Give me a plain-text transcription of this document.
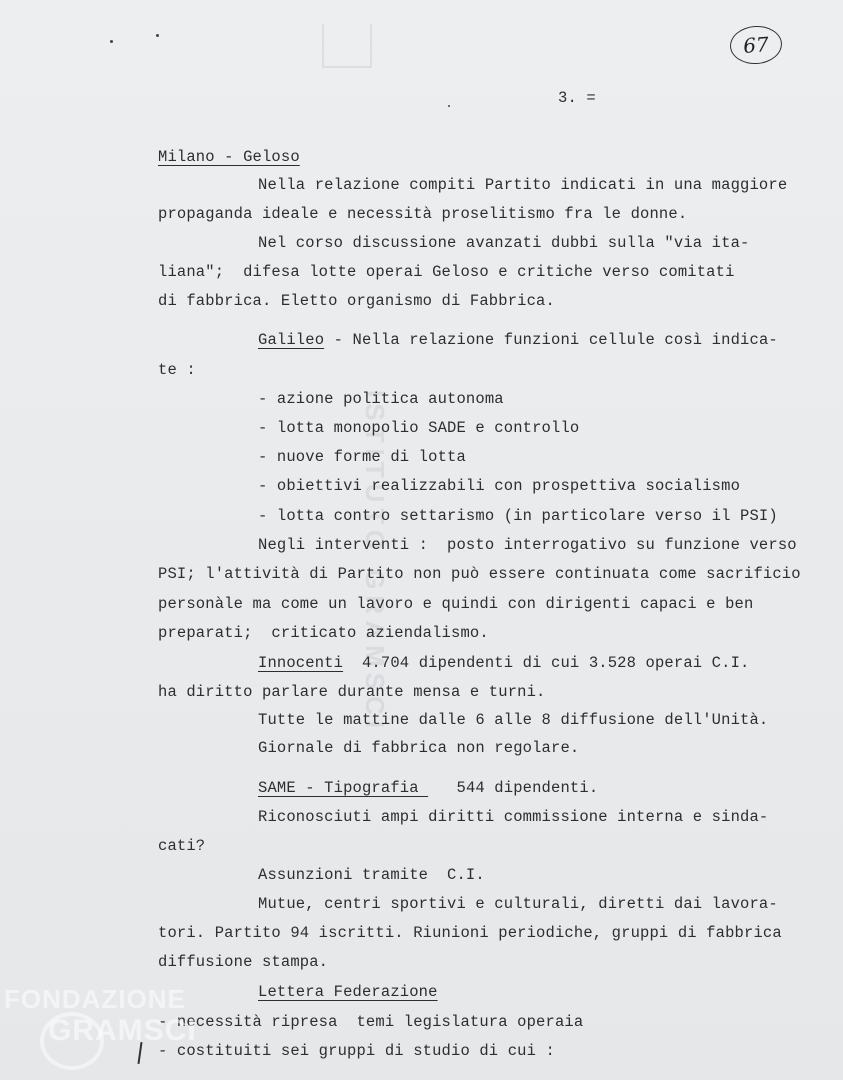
ISTITUTO GRAMSCI
67
3. =
Milano - Geloso
Nella relazione compiti Partito indicati in una maggiore
propaganda ideale e necessità proselitismo fra le donne.
Nel corso discussione avanzati dubbi sulla "via ita-
liana";  difesa lotte operai Geloso e critiche verso comitati
di fabbrica. Eletto organismo di Fabbrica.
Galileo - Nella relazione funzioni cellule così indica-
te :
- azione politica autonoma
- lotta monopolio SADE e controllo
- nuove forme di lotta
- obiettivi realizzabili con prospettiva socialismo
- lotta contro settarismo (in particolare verso il PSI)
Negli interventi :  posto interrogativo su funzione verso
PSI; l'attività di Partito non può essere continuata come sacrificio
personàle ma come un lavoro e quindi con dirigenti capaci e ben
preparati;  criticato aziendalismo.
Innocenti  4.704 dipendenti di cui 3.528 operai C.I.
ha diritto parlare durante mensa e turni.
Tutte le mattine dalle 6 alle 8 diffusione dell'Unità.
Giornale di fabbrica non regolare.
SAME - Tipografia    544 dipendenti.
Riconosciuti ampi diritti commissione interna e sinda-
cati?
Assunzioni tramite  C.I.
Mutue, centri sportivi e culturali, diretti dai lavora-
tori. Partito 94 iscritti. Riunioni periodiche, gruppi di fabbrica
diffusione stampa.
Lettera Federazione
- necessità ripresa  temi legislatura operaia
- costituiti sei gruppi di studio di cui :
FONDAZIONE
GRAMSCI
